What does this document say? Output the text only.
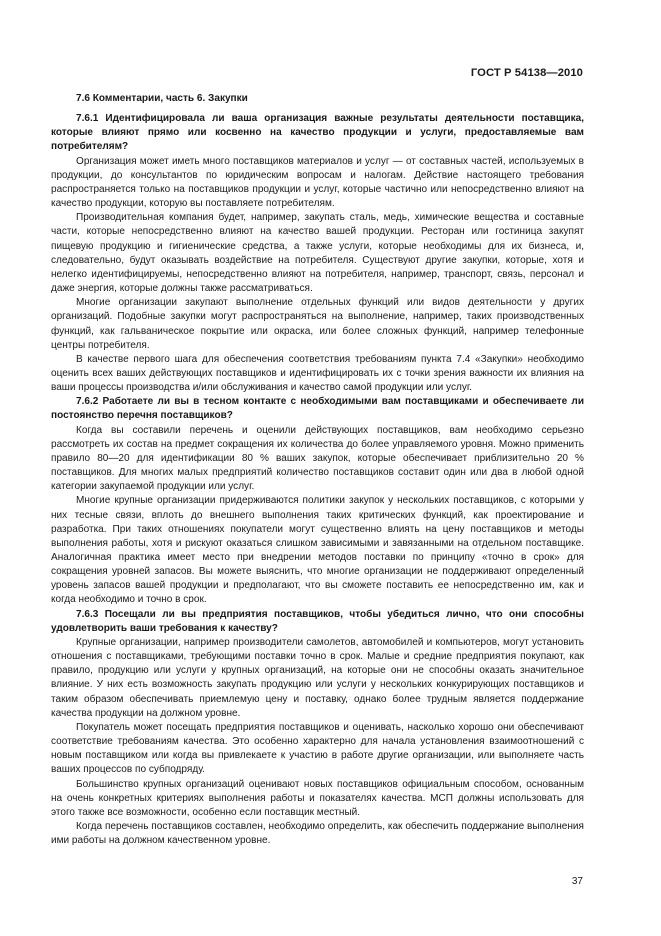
ГОСТ Р 54138—2010

7.6 Комментарии, часть 6. Закупки

7.6.1 Идентифицировала ли ваша организация важные результаты деятельности поставщика, которые влияют прямо или косвенно на качество продукции и услуги, предоставляемые вам потребителям?

Организация может иметь много поставщиков материалов и услуг — от составных частей, используемых в продукции, до консультантов по юридическим вопросам и налогам. Действие настоящего требования распространяется только на поставщиков продукции и услуг, которые частично или непосредственно влияют на качество продукции, которую вы поставляете потребителям.

Производительная компания будет, например, закупать сталь, медь, химические вещества и составные части, которые непосредственно влияют на качество вашей продукции. Ресторан или гостиница закупят пищевую продукцию и гигиенические средства, а также услуги, которые необходимы для их бизнеса, и, следовательно, будут оказывать воздействие на потребителя. Существуют другие закупки, которые, хотя и нелегко идентифицируемы, непосредственно влияют на потребителя, например, транспорт, связь, персонал и даже энергия, которые должны также рассматриваться.

Многие организации закупают выполнение отдельных функций или видов деятельности у других организаций. Подобные закупки могут распространяться на выполнение, например, таких производственных функций, как гальваническое покрытие или окраска, или более сложных функций, например телефонные центры потребителя.

В качестве первого шага для обеспечения соответствия требованиям пункта 7.4 «Закупки» необходимо оценить всех ваших действующих поставщиков и идентифицировать их с точки зрения важности их влияния на ваши процессы производства и/или обслуживания и качество самой продукции или услуг.

7.6.2 Работаете ли вы в тесном контакте с необходимыми вам поставщиками и обеспечиваете ли постоянство перечня поставщиков?

Когда вы составили перечень и оценили действующих поставщиков, вам необходимо серьезно рассмотреть их состав на предмет сокращения их количества до более управляемого уровня. Можно применить правило 80—20 для идентификации 80 % ваших закупок, которые обеспечивает приблизительно 20 % поставщиков. Для многих малых предприятий количество поставщиков составит один или два в любой одной категории закупаемой продукции или услуг.

Многие крупные организации придерживаются политики закупок у нескольких поставщиков, с которыми у них тесные связи, вплоть до внешнего выполнения таких критических функций, как проектирование и разработка. При таких отношениях покупатели могут существенно влиять на цену поставщиков и методы выполнения работы, хотя и рискуют оказаться слишком зависимыми и завязанными на отдельном поставщике. Аналогичная практика имеет место при внедрении методов поставки по принципу «точно в срок» для сокращения уровней запасов. Вы можете выяснить, что многие организации не поддерживают определенный уровень запасов вашей продукции и предполагают, что вы сможете поставить ее непосредственно им, как и когда необходимо и точно в срок.

7.6.3 Посещали ли вы предприятия поставщиков, чтобы убедиться лично, что они способны удовлетворить ваши требования к качеству?

Крупные организации, например производители самолетов, автомобилей и компьютеров, могут установить отношения с поставщиками, требующими поставки точно в срок. Малые и средние предприятия покупают, как правило, продукцию или услуги у крупных организаций, на которые они не способны оказать значительное влияние. У них есть возможность закупать продукцию или услуги у нескольких конкурирующих поставщиков и таким образом обеспечивать приемлемую цену и поставку, однако более трудным является поддержание качества продукции на должном уровне.

Покупатель может посещать предприятия поставщиков и оценивать, насколько хорошо они обеспечивают соответствие требованиям качества. Это особенно характерно для начала установления взаимоотношений с новым поставщиком или когда вы привлекаете к участию в работе другие организации, или выполняете часть ваших процессов по субподряду.

Большинство крупных организаций оценивают новых поставщиков официальным способом, основанным на очень конкретных критериях выполнения работы и показателях качества. МСП должны использовать для этого также все возможности, особенно если поставщик местный.

Когда перечень поставщиков составлен, необходимо определить, как обеспечить поддержание выполнения ими работы на должном качественном уровне.

37
